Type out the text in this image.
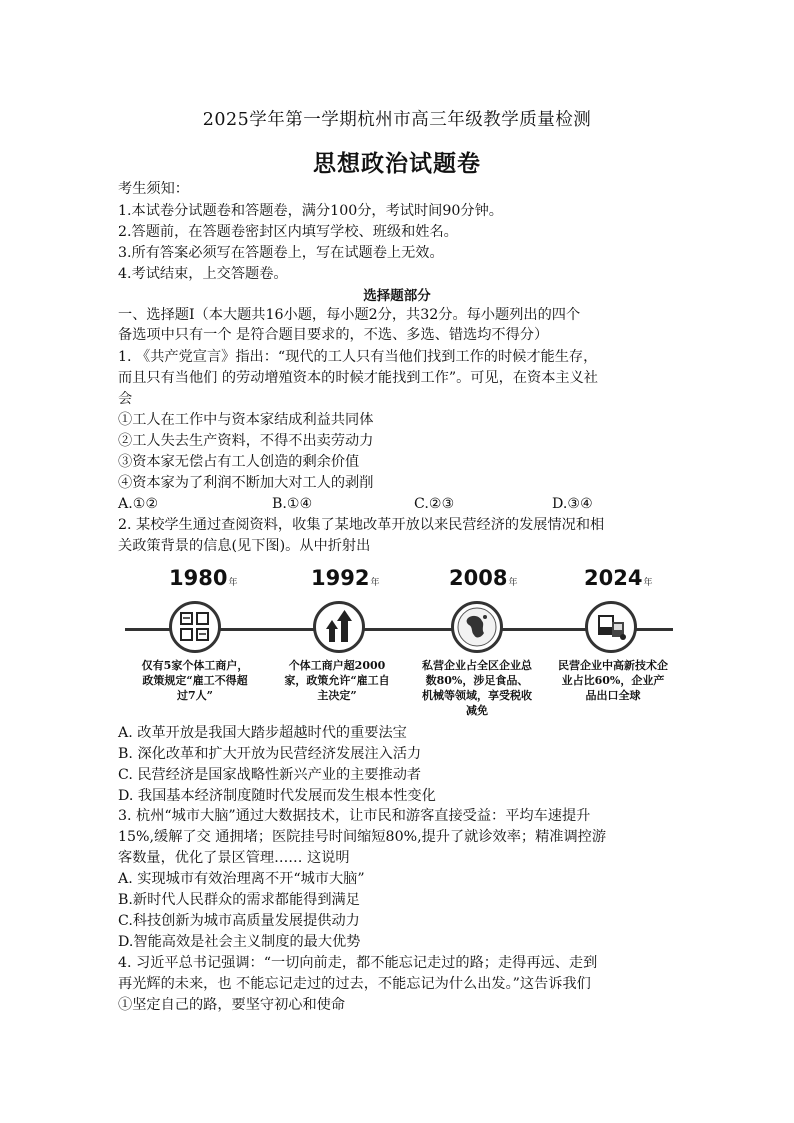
2025学年第一学期杭州市高三年级教学质量检测
思想政治试题卷
考生须知：
1.本试卷分试题卷和答题卷，满分100分，考试时间90分钟。
2.答题前，在答题卷密封区内填写学校、班级和姓名。
3.所有答案必须写在答题卷上，写在试题卷上无效。
4.考试结束，上交答题卷。
选择题部分
一、选择题Ⅰ（本大题共16小题，每小题2分，共32分。每小题列出的四个
备选项中只有一个 是符合题目要求的，不选、多选、错选均不得分）
1. 《共产党宣言》指出：“现代的工人只有当他们找到工作的时候才能生存，
而且只有当他们 的劳动增殖资本的时候才能找到工作”。可见，在资本主义社
会
①工人在工作中与资本家结成利益共同体
②工人失去生产资料，不得不出卖劳动力
③资本家无偿占有工人创造的剩余价值
④资本家为了利润不断加大对工人的剥削
A.①②	B.①④	C.②③	D.③④
2. 某校学生通过查阅资料，收集了某地改革开放以来民营经济的发展情况和相
关政策背景的信息(见下图)。从中折射出
1980年	1992年	2008年	2024年
仅有5家个体工商户，政策规定“雇工不得超过7人”
个体工商户超2000家，政策允许“雇工自主决定”
私营企业占全区企业总数80%，涉足食品、机械等领域，享受税收减免
民营企业中高新技术企业占比60%，企业产品出口全球
A. 改革开放是我国大踏步超越时代的重要法宝
B. 深化改革和扩大开放为民营经济发展注入活力
C. 民营经济是国家战略性新兴产业的主要推动者
D. 我国基本经济制度随时代发展而发生根本性变化
3. 杭州“城市大脑”通过大数据技术，让市民和游客直接受益：平均车速提升
15%,缓解了交 通拥堵；医院挂号时间缩短80%,提升了就诊效率；精准调控游
客数量，优化了景区管理…… 这说明
A. 实现城市有效治理离不开“城市大脑”
B.新时代人民群众的需求都能得到满足
C.科技创新为城市高质量发展提供动力
D.智能高效是社会主义制度的最大优势
4. 习近平总书记强调：“一切向前走，都不能忘记走过的路；走得再远、走到
再光辉的未来，也 不能忘记走过的过去，不能忘记为什么出发。”这告诉我们
①坚定自己的路，要坚守初心和使命
